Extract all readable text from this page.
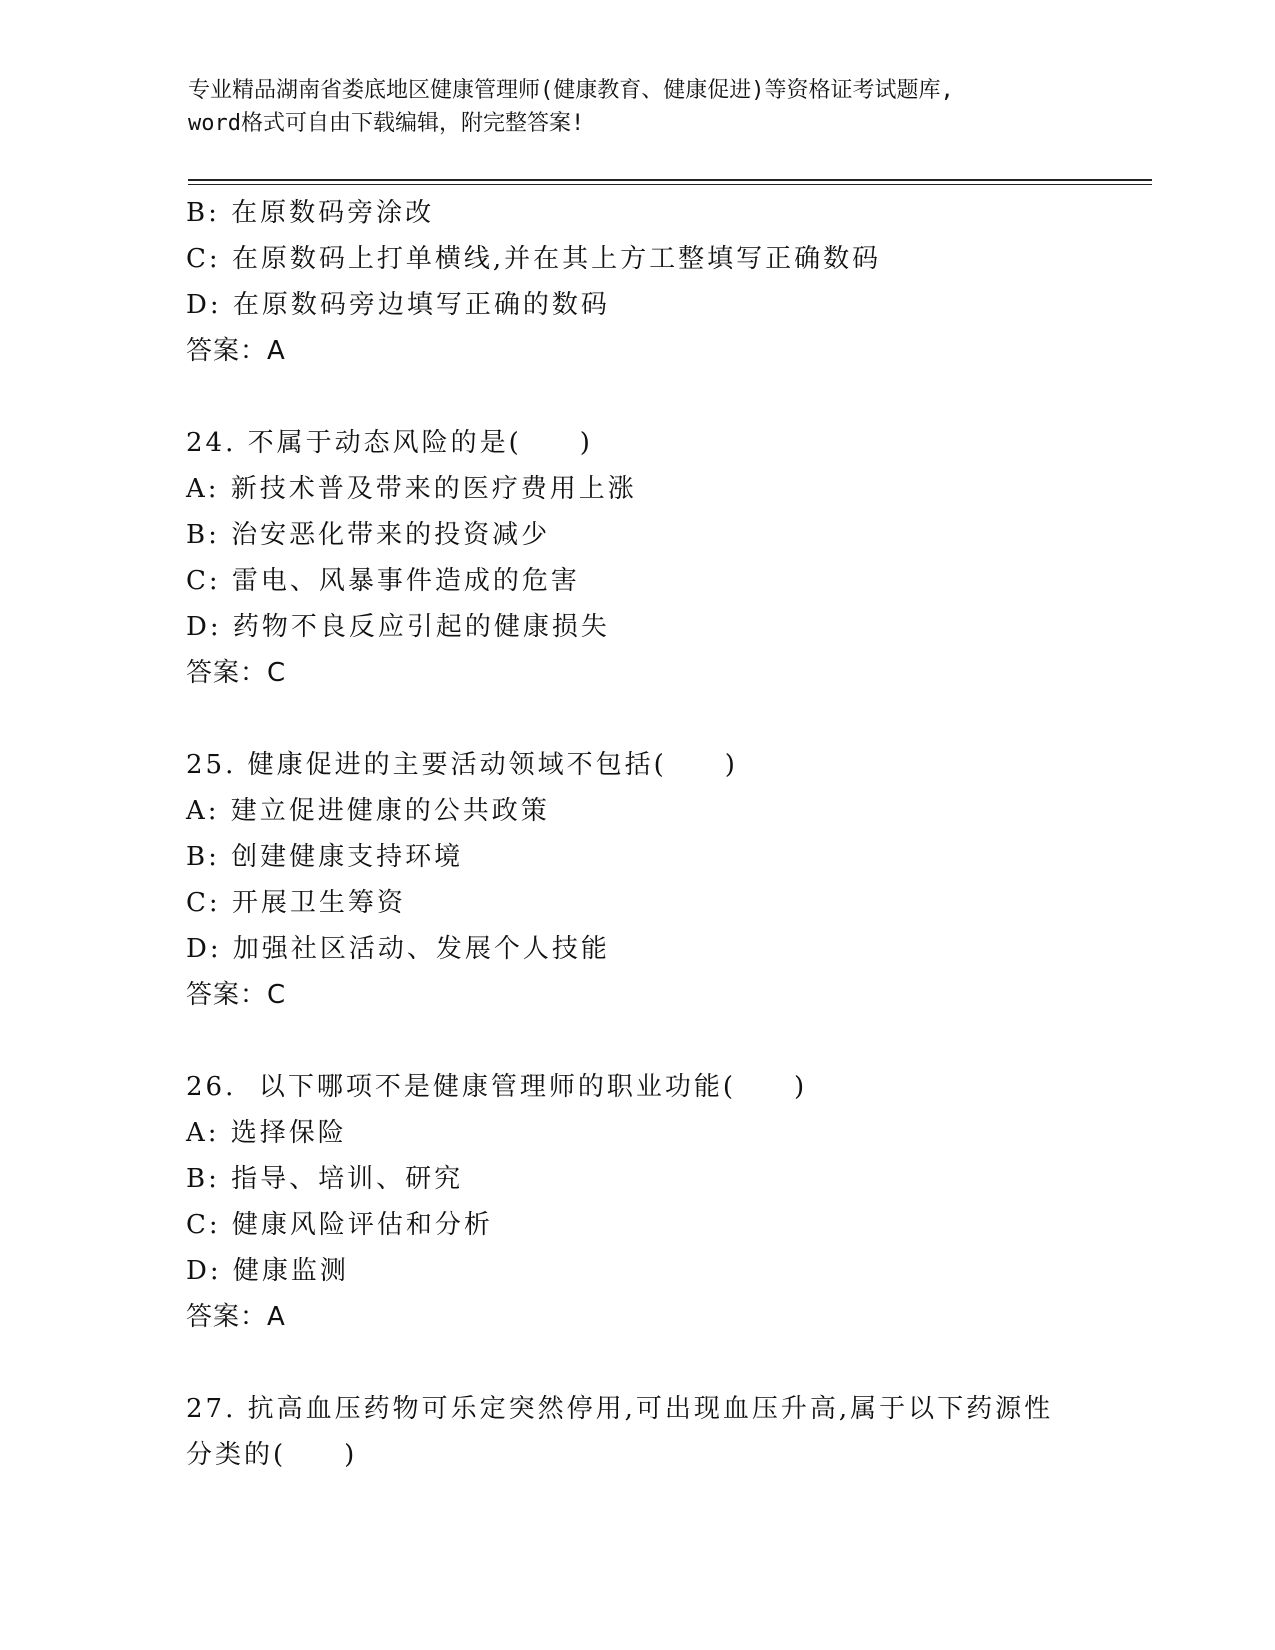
专业精品湖南省娄底地区健康管理师(健康教育、健康促进)等资格证考试题库,
word格式可自由下载编辑，附完整答案!
B: 在原数码旁涂改
C: 在原数码上打单横线,并在其上方工整填写正确数码
D: 在原数码旁边填写正确的数码
答案：A
24. 不属于动态风险的是(　　)
A: 新技术普及带来的医疗费用上涨
B: 治安恶化带来的投资减少
C: 雷电、风暴事件造成的危害
D: 药物不良反应引起的健康损失
答案：C
25. 健康促进的主要活动领域不包括(　　)
A: 建立促进健康的公共政策
B: 创建健康支持环境
C: 开展卫生筹资
D: 加强社区活动、发展个人技能
答案：C
26.  以下哪项不是健康管理师的职业功能(　　)
A: 选择保险
B: 指导、培训、研究
C: 健康风险评估和分析
D: 健康监测
答案：A
27. 抗高血压药物可乐定突然停用,可出现血压升高,属于以下药源性
分类的(　　)
